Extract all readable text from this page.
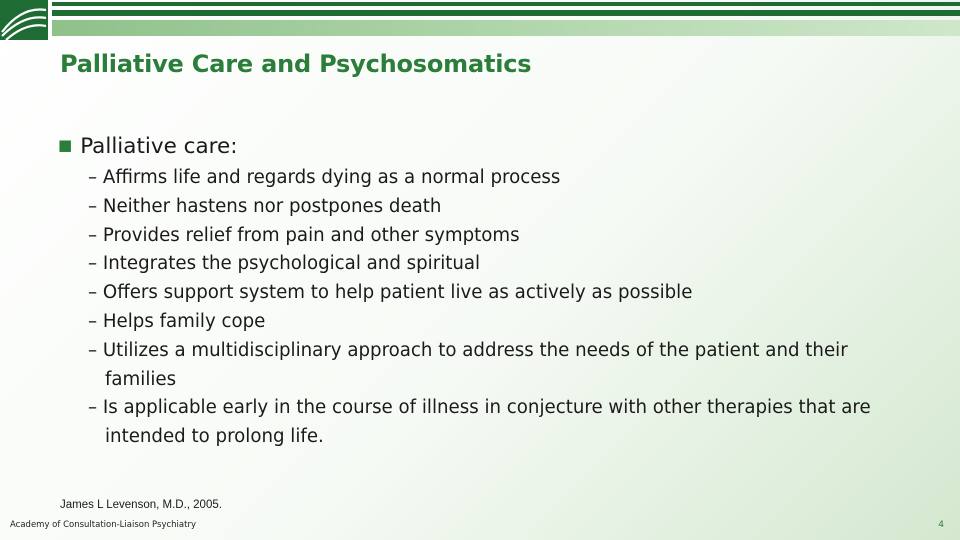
Palliative Care and Psychosomatics
■ Palliative care:
– Affirms life and regards dying as a normal process
– Neither hastens nor postpones death
– Provides relief from pain and other symptoms
– Integrates the psychological and spiritual
– Offers support system to help patient live as actively as possible
– Helps family cope
– Utilizes a multidisciplinary approach to address the needs of the patient and their families
– Is applicable early in the course of illness in conjecture with other therapies that are intended to prolong life.
James L Levenson, M.D., 2005.
Academy of Consultation-Liaison Psychiatry	4
